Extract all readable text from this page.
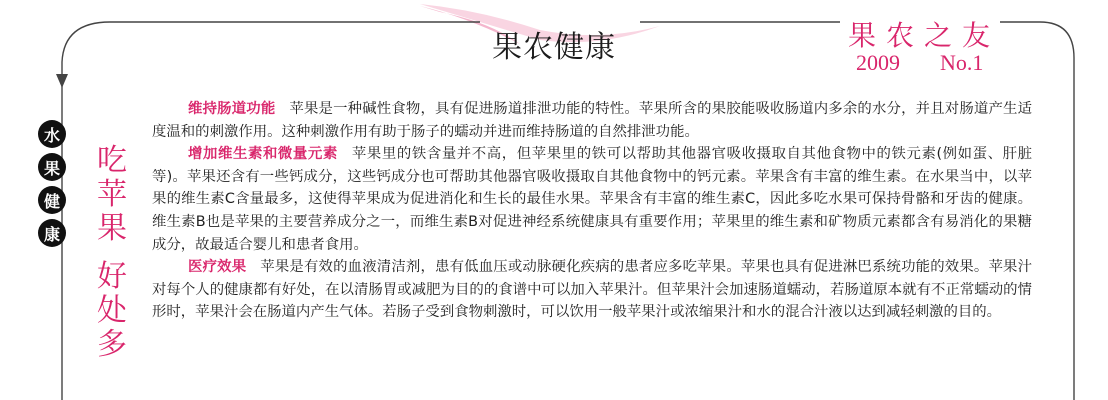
果农健康	果农之友
2009 No.1
水
果
健
康
吃
苹
果
好
处
多

维持肠道功能 苹果是一种碱性食物，具有促进肠道排泄功能的特性。苹果所含的果胶能吸收肠道内多余的水分，并且对肠道产生适度温和的刺激作用。这种刺激作用有助于肠子的蠕动并进而维持肠道的自然排泄功能。

增加维生素和微量元素 苹果里的铁含量并不高，但苹果里的铁可以帮助其他器官吸收摄取自其他食物中的铁元素(例如蛋、肝脏等)。苹果还含有一些钙成分，这些钙成分也可帮助其他器官吸收摄取自其他食物中的钙元素。苹果含有丰富的维生素。在水果当中，以苹果的维生素C含量最多，这使得苹果成为促进消化和生长的最佳水果。苹果含有丰富的维生素C，因此多吃水果可保持骨骼和牙齿的健康。维生素B也是苹果的主要营养成分之一，而维生素B对促进神经系统健康具有重要作用；苹果里的维生素和矿物质元素都含有易消化的果糖成分，故最适合婴儿和患者食用。

医疗效果 苹果是有效的血液清洁剂，患有低血压或动脉硬化疾病的患者应多吃苹果。苹果也具有促进淋巴系统功能的效果。苹果汁对每个人的健康都有好处，在以清肠胃或减肥为目的的食谱中可以加入苹果汁。但苹果汁会加速肠道蠕动，若肠道原本就有不正常蠕动的情形时，苹果汁会在肠道内产生气体。若肠子受到食物刺激时，可以饮用一般苹果汁或浓缩果汁和水的混合汁液以达到减轻刺激的目的。
